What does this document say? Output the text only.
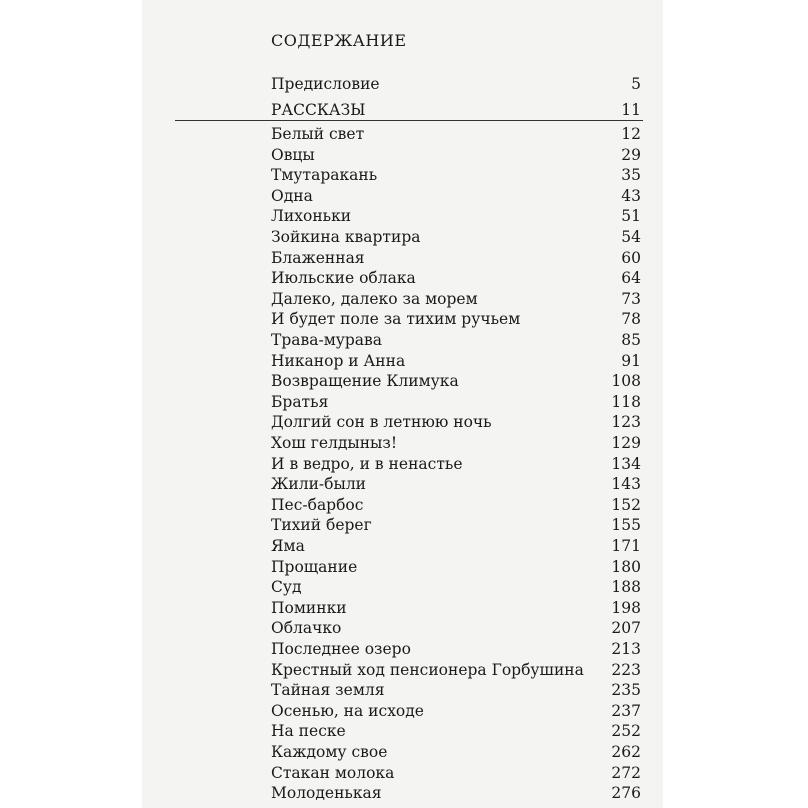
СОДЕРЖАНИЕ
Предисловие	5
РАССКАЗЫ	11
Белый свет	12
Овцы	29
Тмутаракань	35
Одна	43
Лихоньки	51
Зойкина квартира	54
Блаженная	60
Июльские облака	64
Далеко, далеко за морем	73
И будет поле за тихим ручьем	78
Трава-мурава	85
Никанор и Анна	91
Возвращение Климука	108
Братья	118
Долгий сон в летнюю ночь	123
Хош гелдыныз!	129
И в ведро, и в ненастье	134
Жили-были	143
Пес-барбос	152
Тихий берег	155
Яма	171
Прощание	180
Суд	188
Поминки	198
Облачко	207
Последнее озеро	213
Крестный ход пенсионера Горбушина 223
Тайная земля	235
Осенью, на исходе	237
На песке	252
Каждому свое	262
Стакан молока	272
Молоденькая	276
